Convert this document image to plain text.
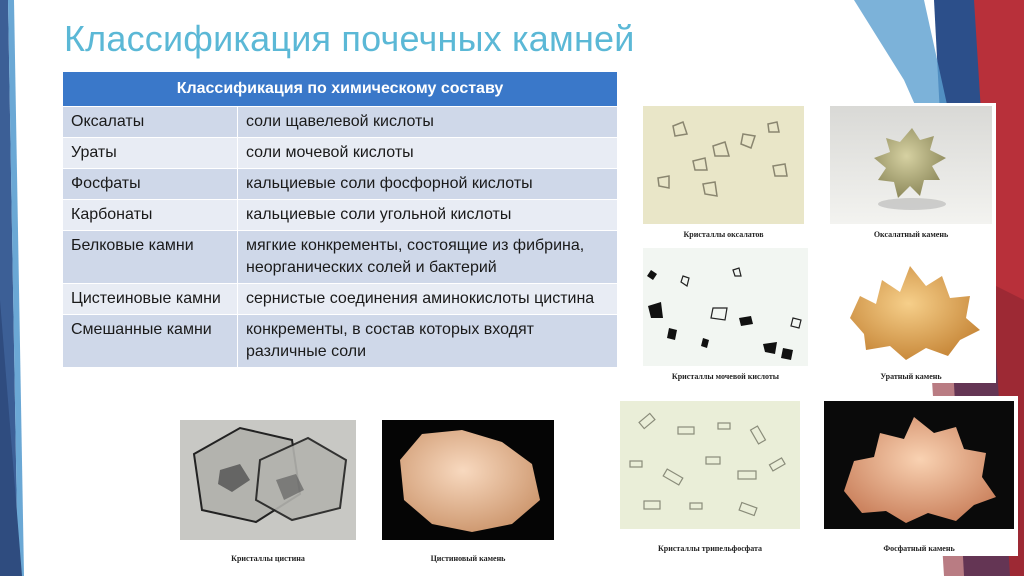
Классификация почечных камней
Классификация по химическому составу	
Оксалаты	соли щавелевой кислоты
Ураты	соли мочевой кислоты
Фосфаты	кальциевые соли фосфорной кислоты
Карбонаты	кальциевые соли угольной кислоты
Белковые камни	мягкие конкременты, состоящие из фибрина, неорганических солей и бактерий
Цистеиновые камни	сернистые соединения аминокислоты цистина
Смешанные камни	конкременты, в состав которых входят различные соли
Кристаллы оксалатов	Оксалатный камень
Кристаллы мочевой кислоты	Уратный камень
Кристаллы трипельфосфата	Фосфатный камень
Кристаллы цистина	Цистиновый камень
